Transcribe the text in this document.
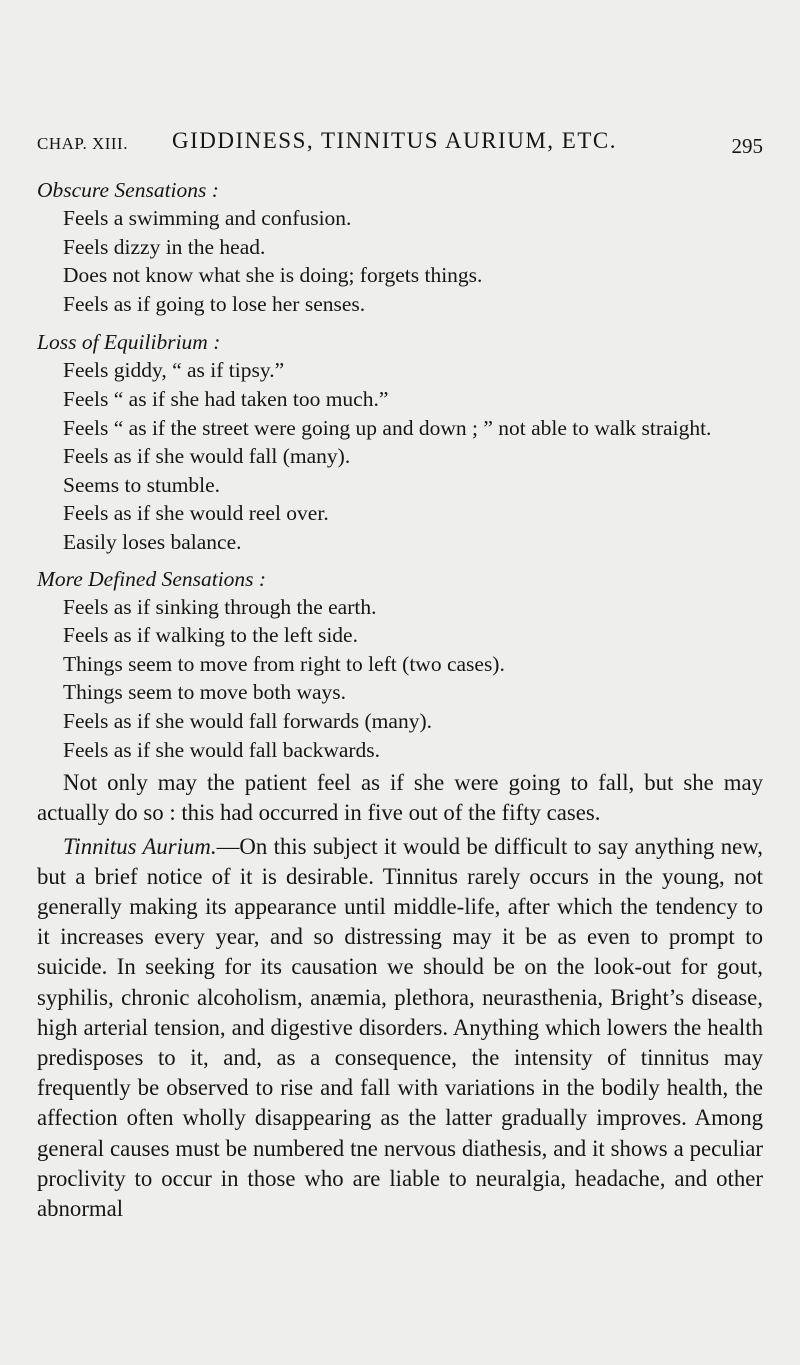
CHAP. XIII. GIDDINESS, TINNITUS AURIUM, ETC.	295

Obscure Sensations :

Feels a swimming and confusion.

Feels dizzy in the head.

Does not know what she is doing; forgets things.

Feels as if going to lose her senses.

Loss of Equilibrium :

Feels giddy, “ as if tipsy.”

Feels “ as if she had taken too much.”

Feels “ as if the street were going up and down ; ” not able to walk straight.

Feels as if she would fall (many).

Seems to stumble.

Feels as if she would reel over.

Easily loses balance.

More Defined Sensations :

Feels as if sinking through the earth.

Feels as if walking to the left side.

Things seem to move from right to left (two cases).

Things seem to move both ways.

Feels as if she would fall forwards (many).

Feels as if she would fall backwards.

Not only may the patient feel as if she were going to fall, but she may actually do so : this had occurred in five out of the fifty cases.

Tinnitus Aurium.—On this subject it would be difficult to say anything new, but a brief notice of it is desirable. Tinnitus rarely occurs in the young, not generally making its appearance until middle-life, after which the tendency to it increases every year, and so distressing may it be as even to prompt to suicide. In seeking for its causation we should be on the look-out for gout, syphilis, chronic alcoholism, anæmia, plethora, neurasthenia, Bright’s disease, high arterial tension, and digestive disorders. Anything which lowers the health predisposes to it, and, as a consequence, the intensity of tinnitus may frequently be observed to rise and fall with variations in the bodily health, the affection often wholly disappearing as the latter gradually improves. Among general causes must be numbered tne nervous diathesis, and it shows a peculiar proclivity to occur in those who are liable to neuralgia, headache, and other abnormal
